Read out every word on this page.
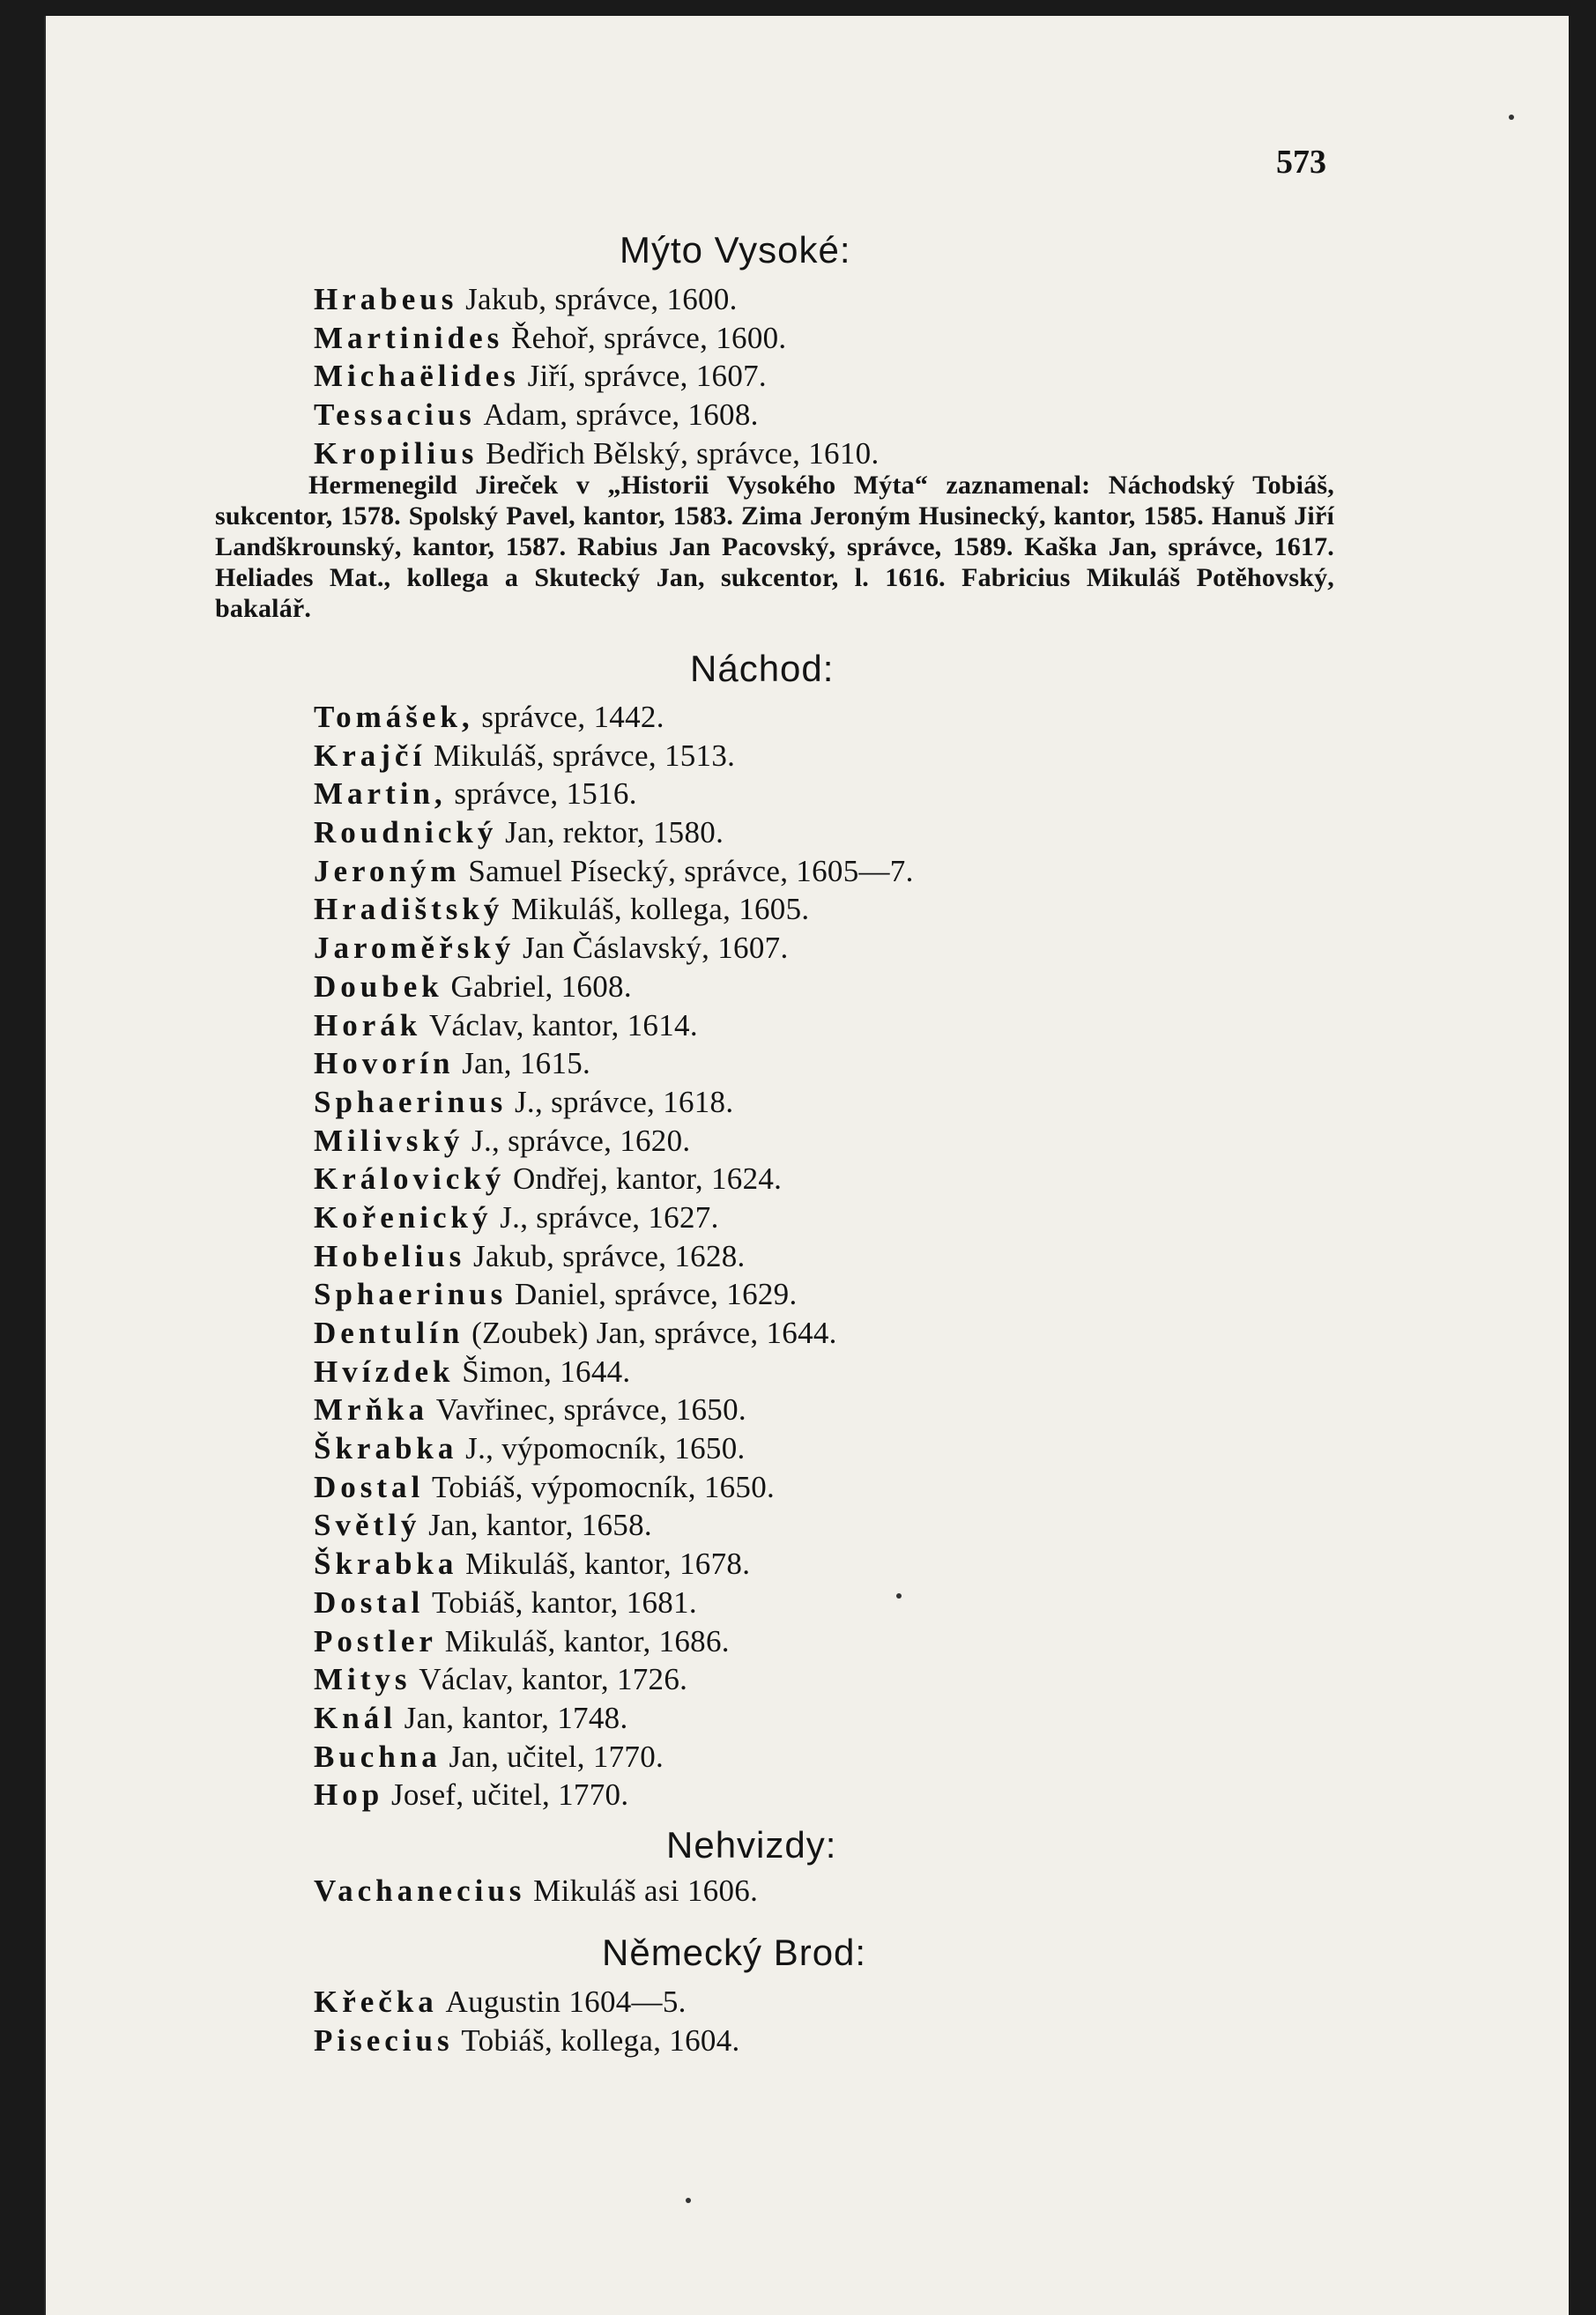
573

Mýto Vysoké:
Hrabeus Jakub, správce, 1600.
Martinides Řehoř, správce, 1600.
Michaëlides Jiří, správce, 1607.
Tessacius Adam, správce, 1608.
Kropilius Bedřich Bělský, správce, 1610.

Hermenegild Jireček v „Historii Vysokého Mýta“ zaznamenal: Náchodský Tobiáš, sukcentor, 1578. Spolský Pavel, kantor, 1583. Zima Jeroným Husinecký, kantor, 1585. Hanuš Jiří Landškrounský, kantor, 1587. Rabius Jan Pacovský, správce, 1589. Kaška Jan, správce, 1617. Heliades Mat., kollega a Skutecký Jan, sukcentor, l. 1616. Fabricius Mikuláš Potěhovský, bakalář.

Náchod:
Tomášek, správce, 1442.
Krajčí Mikuláš, správce, 1513.
Martin, správce, 1516.
Roudnický Jan, rektor, 1580.
Jeroným Samuel Písecký, správce, 1605—7.
Hradištský Mikuláš, kollega, 1605.
Jaroměřský Jan Čáslavský, 1607.
Doubek Gabriel, 1608.
Horák Václav, kantor, 1614.
Hovorín Jan, 1615.
Sphaerinus J., správce, 1618.
Milivský J., správce, 1620.
Královický Ondřej, kantor, 1624.
Kořenický J., správce, 1627.
Hobelius Jakub, správce, 1628.
Sphaerinus Daniel, správce, 1629.
Dentulín (Zoubek) Jan, správce, 1644.
Hvízdek Šimon, 1644.
Mrňka Vavřinec, správce, 1650.
Škrabka J., výpomocník, 1650.
Dostal Tobiáš, výpomocník, 1650.
Světlý Jan, kantor, 1658.
Škrabka Mikuláš, kantor, 1678.
Dostal Tobiáš, kantor, 1681.
Postler Mikuláš, kantor, 1686.
Mitys Václav, kantor, 1726.
Knál Jan, kantor, 1748.
Buchna Jan, učitel, 1770.
Hop Josef, učitel, 1770.
Nehvizdy:
Vachanecius Mikuláš asi 1606.
Německý Brod:
Křečka Augustin 1604—5.
Pisecius Tobiáš, kollega, 1604.
